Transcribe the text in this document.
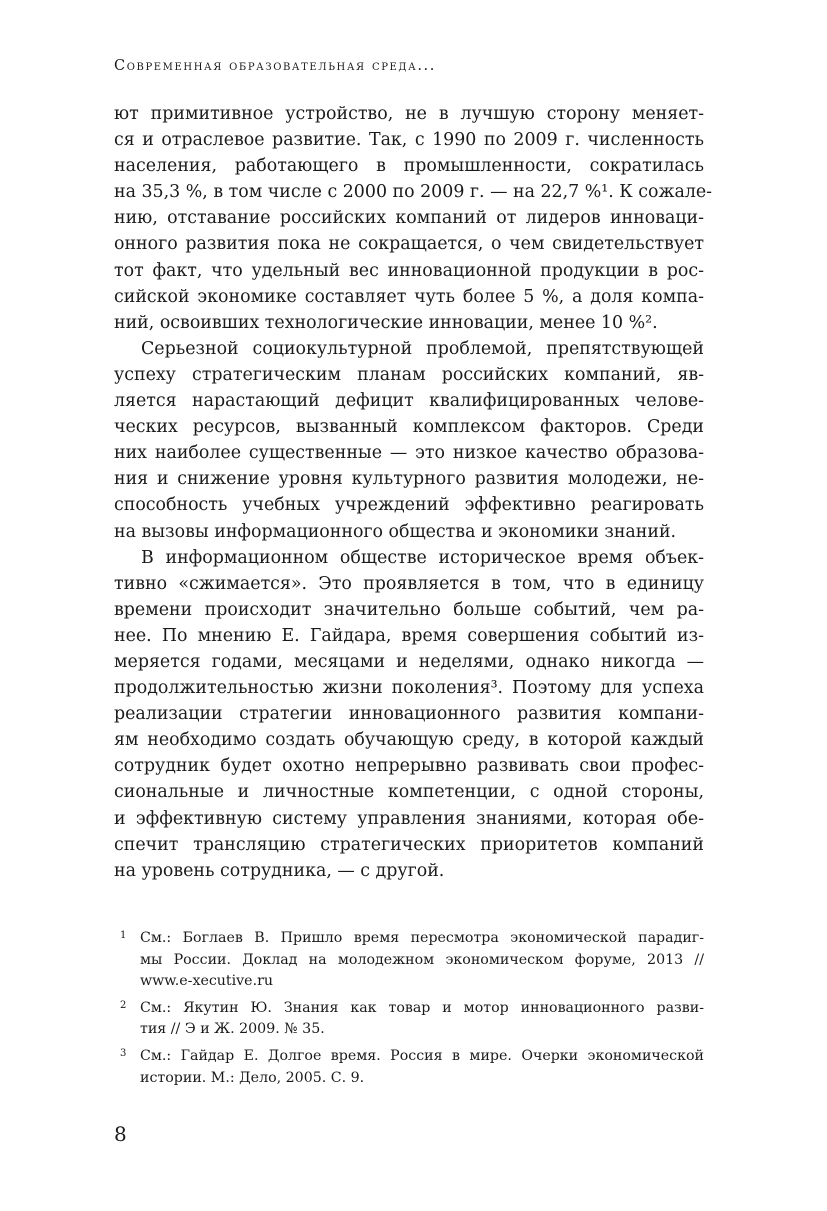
Современная образовательная среда...

ют примитивное устройство, не в лучшую сторону меняет-
ся и отраслевое развитие. Так, с 1990 по 2009 г. численность
населения, работающего в промышленности, сократилась
на 35,3 %, в том числе с 2000 по 2009 г. — на 22,7 %¹. К сожале-
нию, отставание российских компаний от лидеров инноваци-
онного развития пока не сокращается, о чем свидетельствует
тот факт, что удельный вес инновационной продукции в рос-
сийской экономике составляет чуть более 5 %, а доля компа-
ний, освоивших технологические инновации, менее 10 %².

Серьезной социокультурной проблемой, препятствующей
успеху стратегическим планам российских компаний, яв-
ляется нарастающий дефицит квалифицированных челове-
ческих ресурсов, вызванный комплексом факторов. Среди
них наиболее существенные — это низкое качество образова-
ния и снижение уровня культурного развития молодежи, не-
способность учебных учреждений эффективно реагировать
на вызовы информационного общества и экономики знаний.

В информационном обществе историческое время объек-
тивно «сжимается». Это проявляется в том, что в единицу
времени происходит значительно больше событий, чем ра-
нее. По мнению Е. Гайдара, время совершения событий из-
меряется годами, месяцами и неделями, однако никогда —
продолжительностью жизни поколения³. Поэтому для успеха
реализации стратегии инновационного развития компани-
ям необходимо создать обучающую среду, в которой каждый
сотрудник будет охотно непрерывно развивать свои профес-
сиональные и личностные компетенции, с одной стороны,
и эффективную систему управления знаниями, которая обе-
спечит трансляцию стратегических приоритетов компаний
на уровень сотрудника, — с другой.

1 См.: Боглаев В. Пришло время пересмотра экономической парадиг-
мы России. Доклад на молодежном экономическом форуме, 2013 //
www.e-xecutive.ru
2 См.: Якутин Ю. Знания как товар и мотор инновационного разви-
тия // Э и Ж. 2009. № 35.
3 См.: Гайдар Е. Долгое время. Россия в мире. Очерки экономической
истории. М.: Дело, 2005. С. 9.
8
